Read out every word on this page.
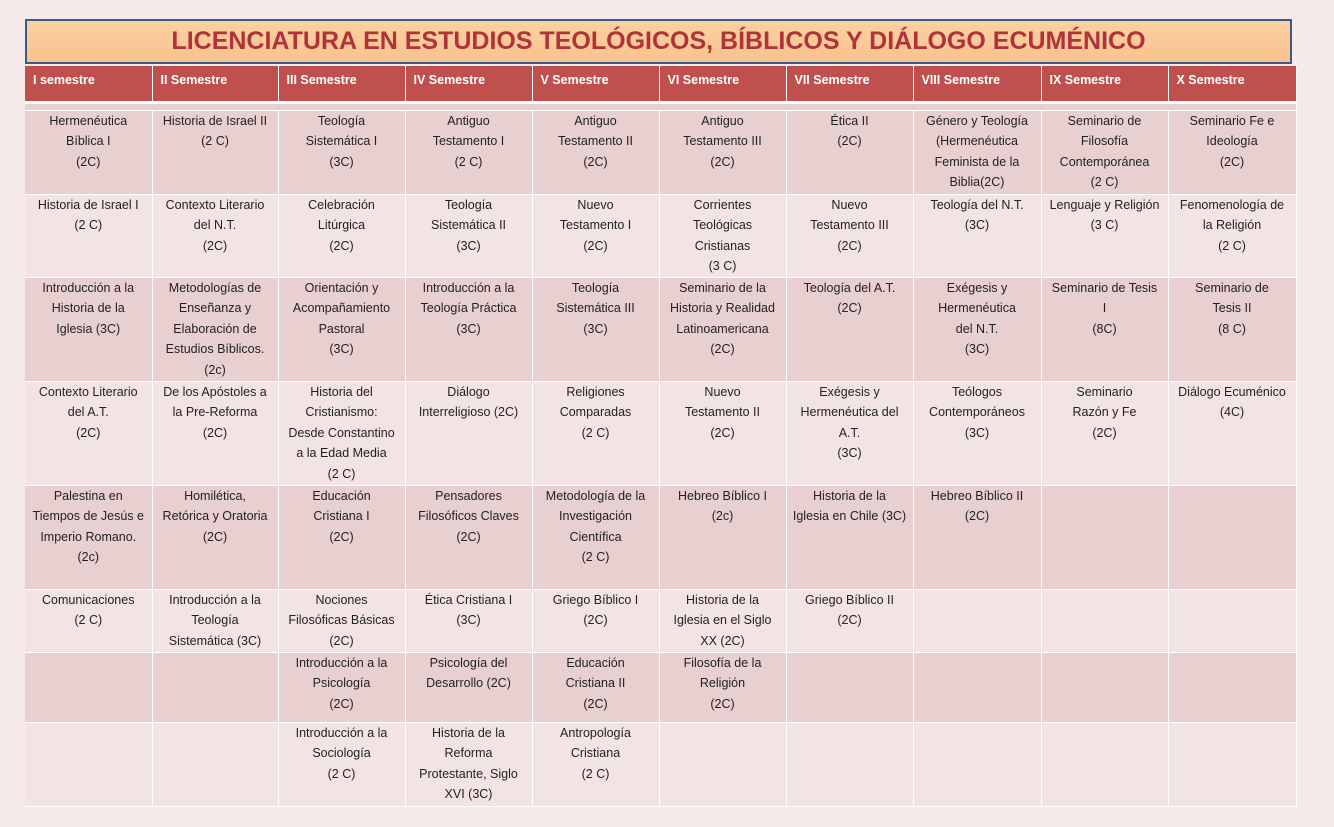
LICENCIATURA EN ESTUDIOS TEOLÓGICOS, BÍBLICOS Y DIÁLOGO ECUMÉNICO
I semestre	II Semestre	III Semestre	IV Semestre	V Semestre	VI Semestre	VII Semestre	VIII Semestre	IX Semestre	X Semestre

Hermenéutica
Bíblica I
(2C)	Historia de Israel II
(2 C)	Teología
Sistemática I
(3C)	Antiguo
Testamento I
(2 C)	Antiguo
Testamento II
(2C)	Antiguo
Testamento III
(2C)	Ética II
(2C)	Género y Teología
(Hermenéutica
Feminista de la
Biblia(2C)	Seminario de
Filosofía
Contemporánea
(2 C)	Seminario Fe e
Ideología
(2C)
Historia de Israel I
(2 C)	Contexto Literario
del N.T.
(2C)	Celebración
Litúrgica
(2C)	Teología
Sistemática II
(3C)	Nuevo
Testamento I
(2C)	Corrientes
Teológicas
Cristianas
(3 C)	Nuevo
Testamento III
(2C)	Teología del N.T.
(3C)	Lenguaje y Religión
(3 C)	Fenomenología de
la Religión
(2 C)
Introducción a la
Historia de la
Iglesia (3C)	Metodologías de
Enseñanza y
Elaboración de
Estudios Bíblicos.
(2c)	Orientación y
Acompañamiento
Pastoral
(3C)	Introducción a la
Teología Práctica
(3C)	Teología
Sistemática III
(3C)	Seminario de la
Historia y Realidad
Latinoamericana
(2C)	Teología del A.T.
(2C)	Exégesis y
Hermenéutica
del N.T.
(3C)	Seminario de Tesis
I
(8C)	Seminario de
Tesis II
(8 C)
Contexto Literario
del A.T.
(2C)	De los Apóstoles a
la Pre-Reforma
(2C)	Historia del
Cristianismo:
Desde Constantino
a la Edad Media
(2 C)	Diálogo
Interreligioso (2C)	Religiones
Comparadas
(2 C)	Nuevo
Testamento II
(2C)	Exégesis y
Hermenéutica del
A.T.
(3C)	Teólogos
Contemporáneos
(3C)	Seminario
Razón y Fe
(2C)	Diálogo Ecuménico
(4C)
Palestina en
Tiempos de Jesús e
Imperio Romano.
(2c)	Homilética,
Retórica y Oratoria
(2C)	Educación
Cristiana I
(2C)	Pensadores
Filosóficos Claves
(2C)	Metodología de la
Investigación
Científica
(2 C)	Hebreo Bíblico I
(2c)	Historia de la
Iglesia en Chile (3C)	Hebreo Bíblico II
(2C)		
Comunicaciones
(2 C)	Introducción a la
Teología
Sistemática (3C)	Nociones
Filosóficas Básicas
(2C)	Ética Cristiana I
(3C)	Griego Bíblico I
(2C)	Historia de la
Iglesia en el Siglo
XX (2C)	Griego Bíblico II
(2C)			
		Introducción a la
Psicología
(2C)	Psicología del
Desarrollo (2C)	Educación
Cristiana II
(2C)	Filosofía de la
Religión
(2C)				
		Introducción a la
Sociología
(2 C)	Historia de la
Reforma
Protestante, Siglo
XVI (3C)	Antropología
Cristiana
(2 C)					
